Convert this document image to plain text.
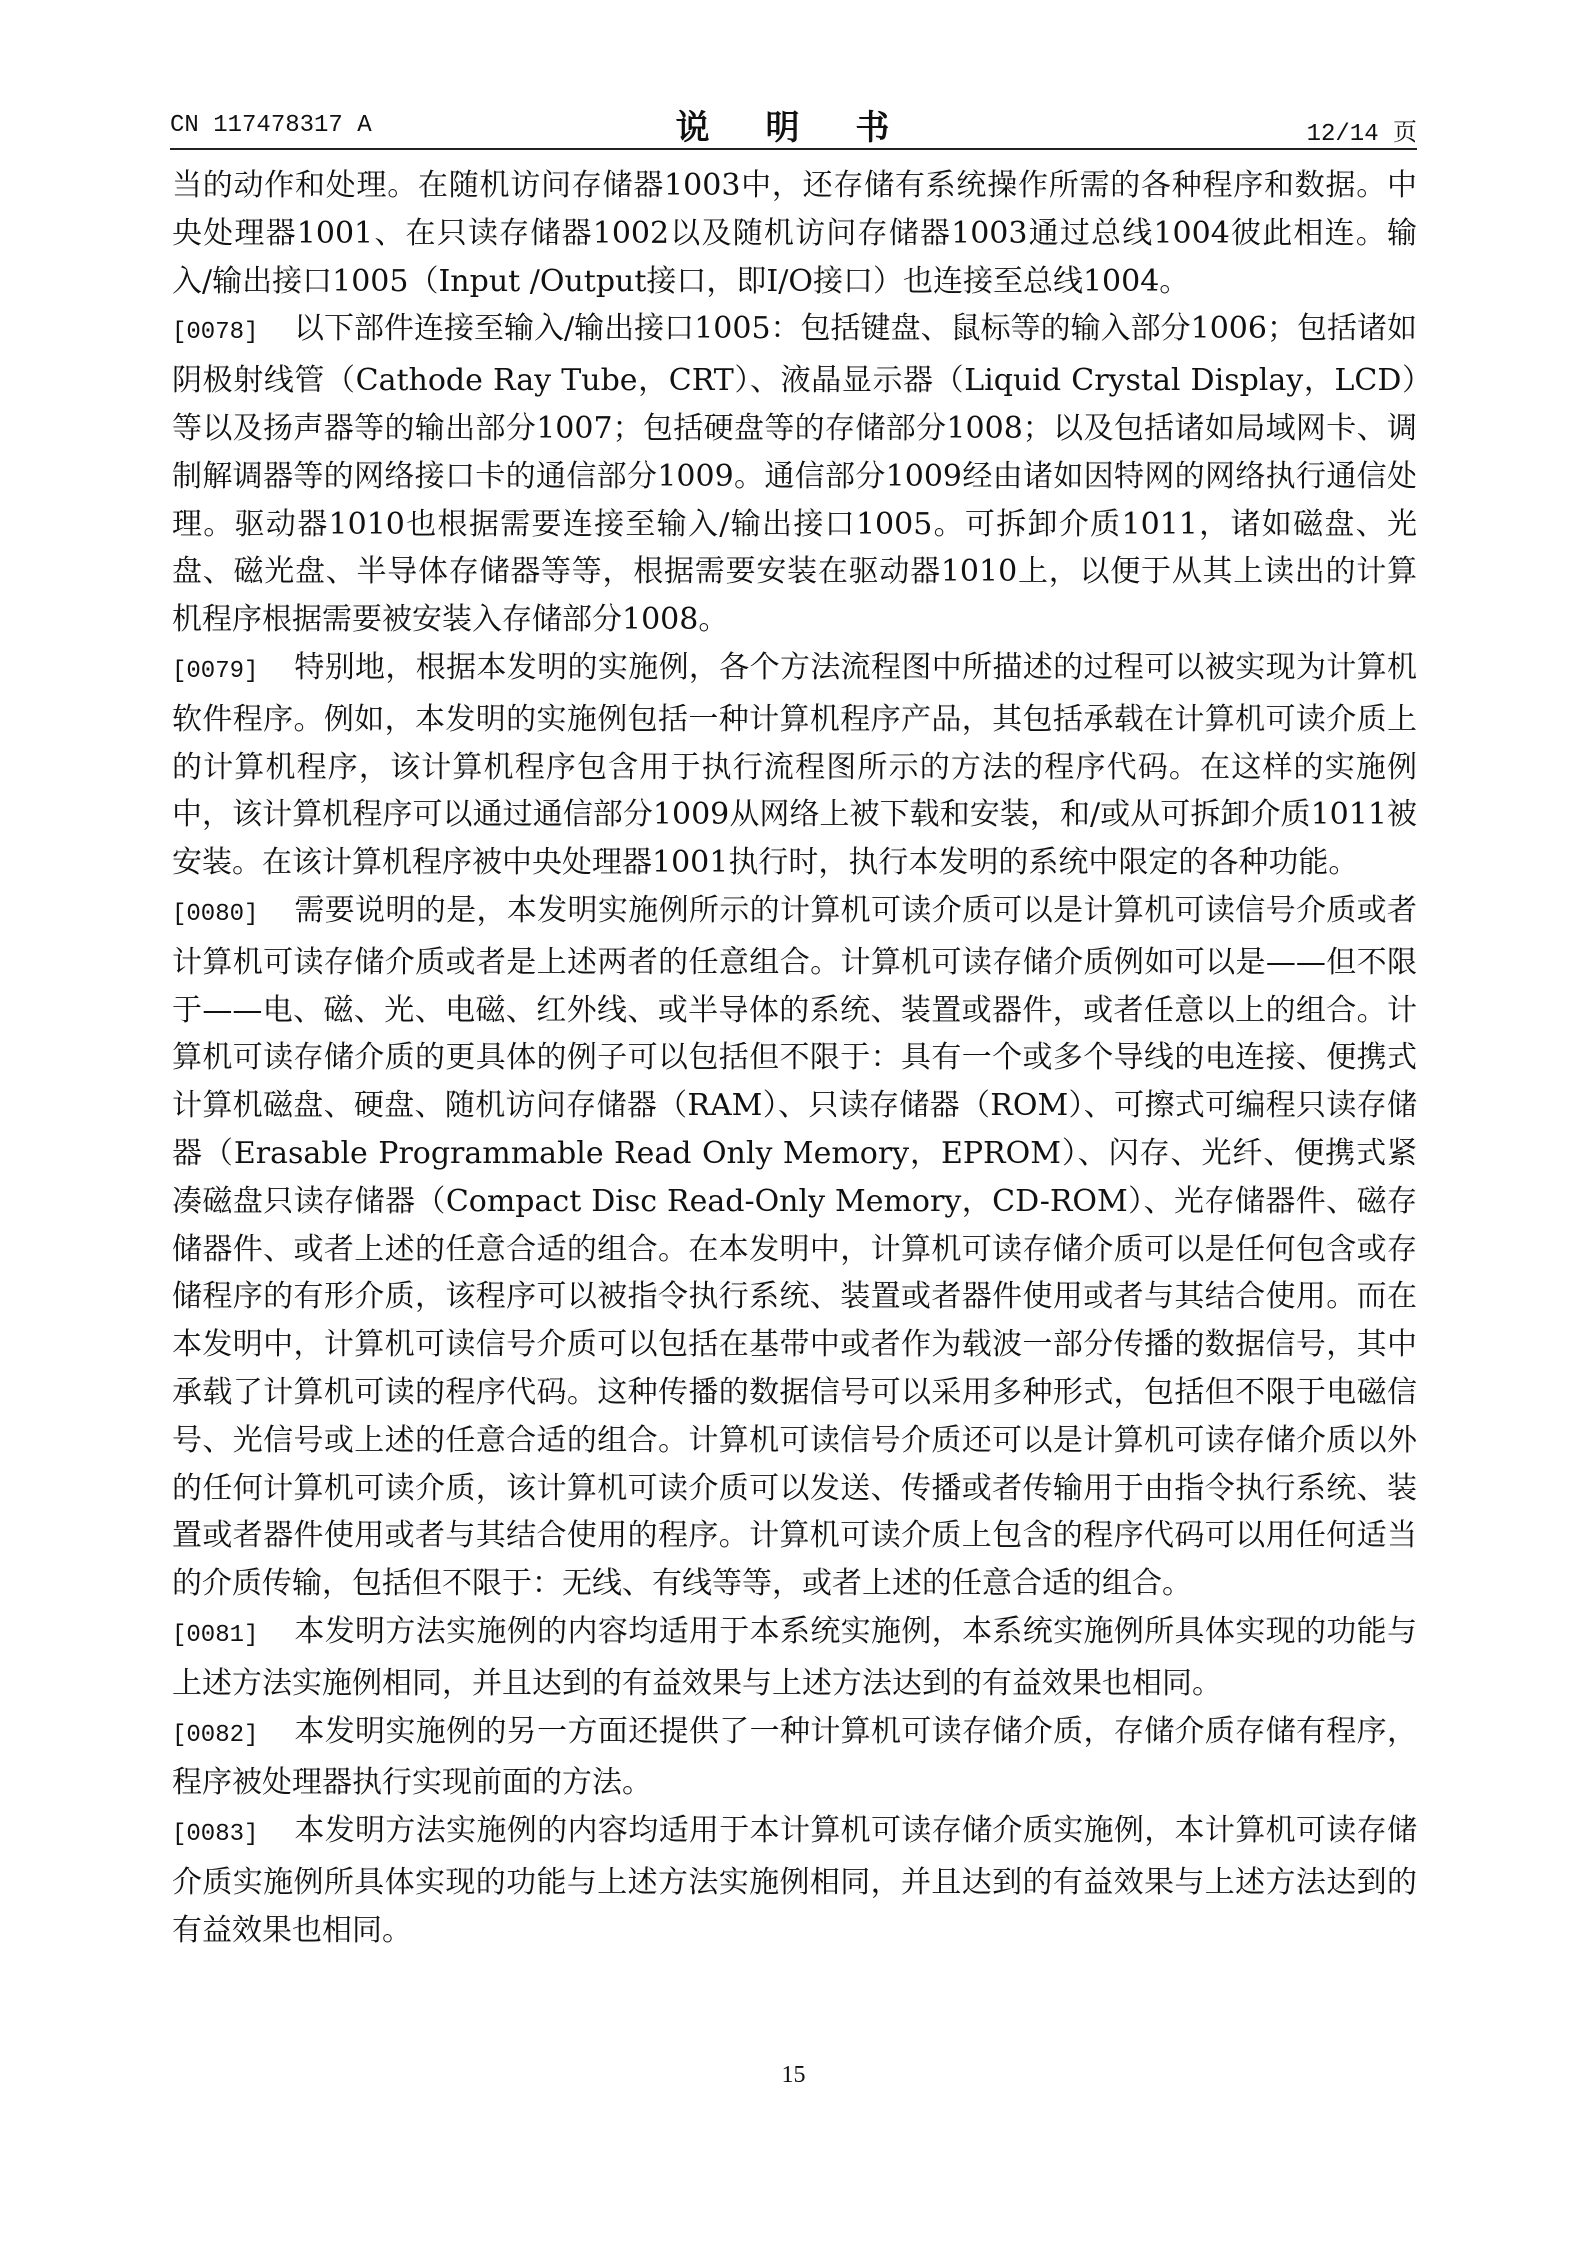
CN 117478317 A	说 明 书	12/14 页

当的动作和处理。在随机访问存储器1003中，还存储有系统操作所需的各种程序和数据。中央处理器1001、在只读存储器1002以及随机访问存储器1003通过总线1004彼此相连。输入/输出接口1005（Input /Output接口，即I/O接口）也连接至总线1004。

[0078] 以下部件连接至输入/输出接口1005：包括键盘、鼠标等的输入部分1006；包括诸如阴极射线管（Cathode Ray Tube，CRT）、液晶显示器（Liquid Crystal Display，LCD）等以及扬声器等的输出部分1007；包括硬盘等的存储部分1008；以及包括诸如局域网卡、调制解调器等的网络接口卡的通信部分1009。通信部分1009经由诸如因特网的网络执行通信处理。驱动器1010也根据需要连接至输入/输出接口1005。可拆卸介质1011，诸如磁盘、光盘、磁光盘、半导体存储器等等，根据需要安装在驱动器1010上，以便于从其上读出的计算机程序根据需要被安装入存储部分1008。

[0079] 特别地，根据本发明的实施例，各个方法流程图中所描述的过程可以被实现为计算机软件程序。例如，本发明的实施例包括一种计算机程序产品，其包括承载在计算机可读介质上的计算机程序，该计算机程序包含用于执行流程图所示的方法的程序代码。在这样的实施例中，该计算机程序可以通过通信部分1009从网络上被下载和安装，和/或从可拆卸介质1011被安装。在该计算机程序被中央处理器1001执行时，执行本发明的系统中限定的各种功能。

[0080] 需要说明的是，本发明实施例所示的计算机可读介质可以是计算机可读信号介质或者计算机可读存储介质或者是上述两者的任意组合。计算机可读存储介质例如可以是——但不限于——电、磁、光、电磁、红外线、或半导体的系统、装置或器件，或者任意以上的组合。计算机可读存储介质的更具体的例子可以包括但不限于：具有一个或多个导线的电连接、便携式计算机磁盘、硬盘、随机访问存储器（RAM）、只读存储器（ROM）、可擦式可编程只读存储器（Erasable Programmable Read Only Memory，EPROM）、闪存、光纤、便携式紧凑磁盘只读存储器（Compact Disc Read-Only Memory，CD-ROM）、光存储器件、磁存储器件、或者上述的任意合适的组合。在本发明中，计算机可读存储介质可以是任何包含或存储程序的有形介质，该程序可以被指令执行系统、装置或者器件使用或者与其结合使用。而在本发明中，计算机可读信号介质可以包括在基带中或者作为载波一部分传播的数据信号，其中承载了计算机可读的程序代码。这种传播的数据信号可以采用多种形式，包括但不限于电磁信号、光信号或上述的任意合适的组合。计算机可读信号介质还可以是计算机可读存储介质以外的任何计算机可读介质，该计算机可读介质可以发送、传播或者传输用于由指令执行系统、装置或者器件使用或者与其结合使用的程序。计算机可读介质上包含的程序代码可以用任何适当的介质传输，包括但不限于：无线、有线等等，或者上述的任意合适的组合。

[0081] 本发明方法实施例的内容均适用于本系统实施例，本系统实施例所具体实现的功能与上述方法实施例相同，并且达到的有益效果与上述方法达到的有益效果也相同。

[0082] 本发明实施例的另一方面还提供了一种计算机可读存储介质，存储介质存储有程序，程序被处理器执行实现前面的方法。

[0083] 本发明方法实施例的内容均适用于本计算机可读存储介质实施例，本计算机可读存储介质实施例所具体实现的功能与上述方法实施例相同，并且达到的有益效果与上述方法达到的有益效果也相同。

15
